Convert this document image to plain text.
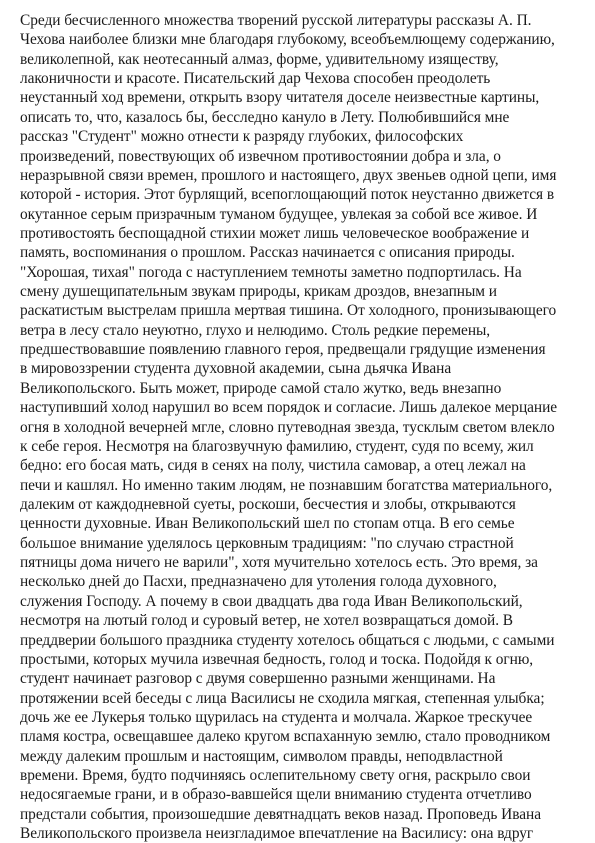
Среди бесчисленного множества творений русской литературы рассказы А. П.
Чехова наиболее близки мне благодаря глубокому, всеобъемлющему содержанию,
великолепной, как неотесанный алмаз, форме, удивительному изяществу,
лаконичности и красоте. Писательский дар Чехова способен преодолеть
неустанный ход времени, открыть взору читателя доселе неизвестные картины,
описать то, что, казалось бы, бесследно кануло в Лету. Полюбившийся мне
рассказ "Студент" можно отнести к разряду глубоких, философских
произведений, повествующих об извечном противостоянии добра и зла, о
неразрывной связи времен, прошлого и настоящего, двух звеньев одной цепи, имя
которой - история. Этот бурлящий, всепоглощающий поток неустанно движется в
окутанное серым призрачным туманом будущее, увлекая за собой все живое. И
противостоять беспощадной стихии может лишь человеческое воображение и
память, воспоминания о прошлом. Рассказ начинается с описания природы.
"Хорошая, тихая" погода с наступлением темноты заметно подпортилась. На
смену душещипательным звукам природы, крикам дроздов, внезапным и
раскатистым выстрелам пришла мертвая тишина. От холодного, пронизывающего
ветра в лесу стало неуютно, глухо и нелюдимо. Столь редкие перемены,
предшествовавшие появлению главного героя, предвещали грядущие изменения
в мировоззрении студента духовной академии, сына дьячка Ивана
Великопольского. Быть может, природе самой стало жутко, ведь внезапно
наступивший холод нарушил во всем порядок и согласие. Лишь далекое мерцание
огня в холодной вечерней мгле, словно путеводная звезда, тусклым светом влекло
к себе героя. Несмотря на благозвучную фамилию, студент, судя по всему, жил
бедно: его босая мать, сидя в сенях на полу, чистила самовар, а отец лежал на
печи и кашлял. Но именно таким людям, не познавшим богатства материального,
далеким от каждодневной суеты, роскоши, бесчестия и злобы, открываются
ценности духовные. Иван Великопольский шел по стопам отца. В его семье
большое внимание уделялось церковным традициям: "по случаю страстной
пятницы дома ничего не варили", хотя мучительно хотелось есть. Это время, за
несколько дней до Пасхи, предназначено для утоления голода духовного,
служения Господу. А почему в свои двадцать два года Иван Великопольский,
несмотря на лютый голод и суровый ветер, не хотел возвращаться домой. В
преддверии большого праздника студенту хотелось общаться с людьми, с самыми
простыми, которых мучила извечная бедность, голод и тоска. Подойдя к огню,
студент начинает разговор с двумя совершенно разными женщинами. На
протяжении всей беседы с лица Василисы не сходила мягкая, степенная улыбка;
дочь же ее Лукерья только щурилась на студента и молчала. Жаркое трескучее
пламя костра, освещавшее далеко кругом вспаханную землю, стало проводником
между далеким прошлым и настоящим, символом правды, неподвластной
времени. Время, будто подчиняясь ослепительному свету огня, раскрыло свои
недосягаемые грани, и в образо-вавшейся щели вниманию студента отчетливо
предстали события, произошедшие девятнадцать веков назад. Проповедь Ивана
Великопольского произвела неизгладимое впечатление на Василису: она вдруг
